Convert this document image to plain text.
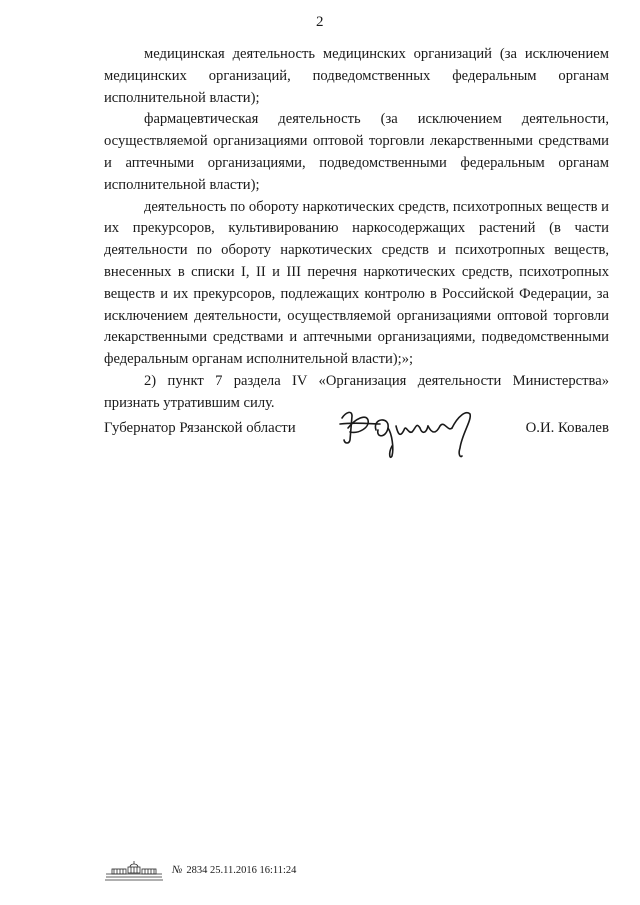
2

медицинская деятельность медицинских организаций (за исключением медицинских организаций, подведомственных федеральным органам исполнительной власти);

фармацевтическая деятельность (за исключением деятельности, осуществляемой организациями оптовой торговли лекарственными средствами и аптечными организациями, подведомственными федеральным органам исполнительной власти);

деятельность по обороту наркотических средств, психотропных веществ и их прекурсоров, культивированию наркосодержащих растений (в части деятельности по обороту наркотических средств и психотропных веществ, внесенных в списки I, II и III перечня наркотических средств, психотропных веществ и их прекурсоров, подлежащих контролю в Российской Федерации, за исключением деятельности, осуществляемой организациями оптовой торговли лекарственными средствами и аптечными организациями, подведомственными федеральным органам исполнительной власти);»;

2) пункт 7 раздела IV «Организация деятельности Министерства» признать утратившим силу.

Губернатор Рязанской области	О.И. Ковалев
№ 2834 25.11.2016 16:11:24
